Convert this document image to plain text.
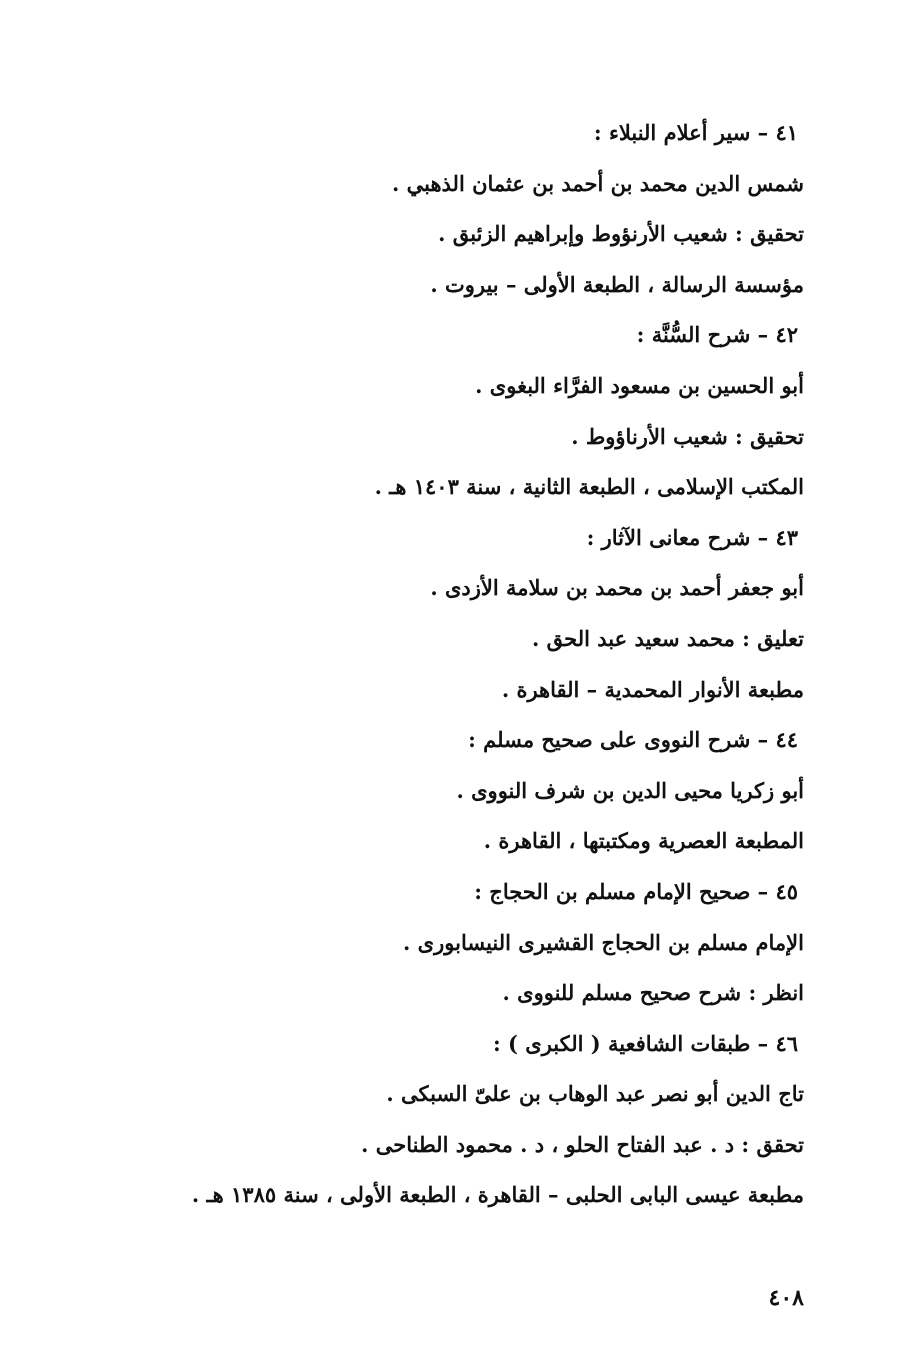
٤١ – سير أعلام النبلاء :
شمس الدين محمد بن أحمد بن عثمان الذهبي .
تحقيق : شعيب الأرنؤوط وإبراهيم الزئبق .
مؤسسة الرسالة ، الطبعة الأولى – بيروت .
٤٢ – شرح السُّنَّة :
أبو الحسين بن مسعود الفرَّاء البغوى .
تحقيق : شعيب الأرناؤوط .
المكتب الإسلامى ، الطبعة الثانية ، سنة ١٤٠٣ هـ .
٤٣ – شرح معانى الآثار :
أبو جعفر أحمد بن محمد بن سلامة الأزدى .
تعليق : محمد سعيد عبد الحق .
مطبعة الأنوار المحمدية – القاهرة .
٤٤ – شرح النووى على صحيح مسلم :
أبو زكريا محيى الدين بن شرف النووى .
المطبعة العصرية ومكتبتها ، القاهرة .
٤٥ – صحيح الإمام مسلم بن الحجاج :
الإمام مسلم بن الحجاج القشيرى النيسابورى .
انظر : شرح صحيح مسلم للنووى .
٤٦ – طبقات الشافعية ( الكبرى ) :
تاج الدين أبو نصر عبد الوهاب بن علىّ السبكى .
تحقق : د . عبد الفتاح الحلو ، د . محمود الطناحى .
مطبعة عيسى البابى الحلبى – القاهرة ، الطبعة الأولى ، سنة ١٣٨٥ هـ .
٤٠٨
